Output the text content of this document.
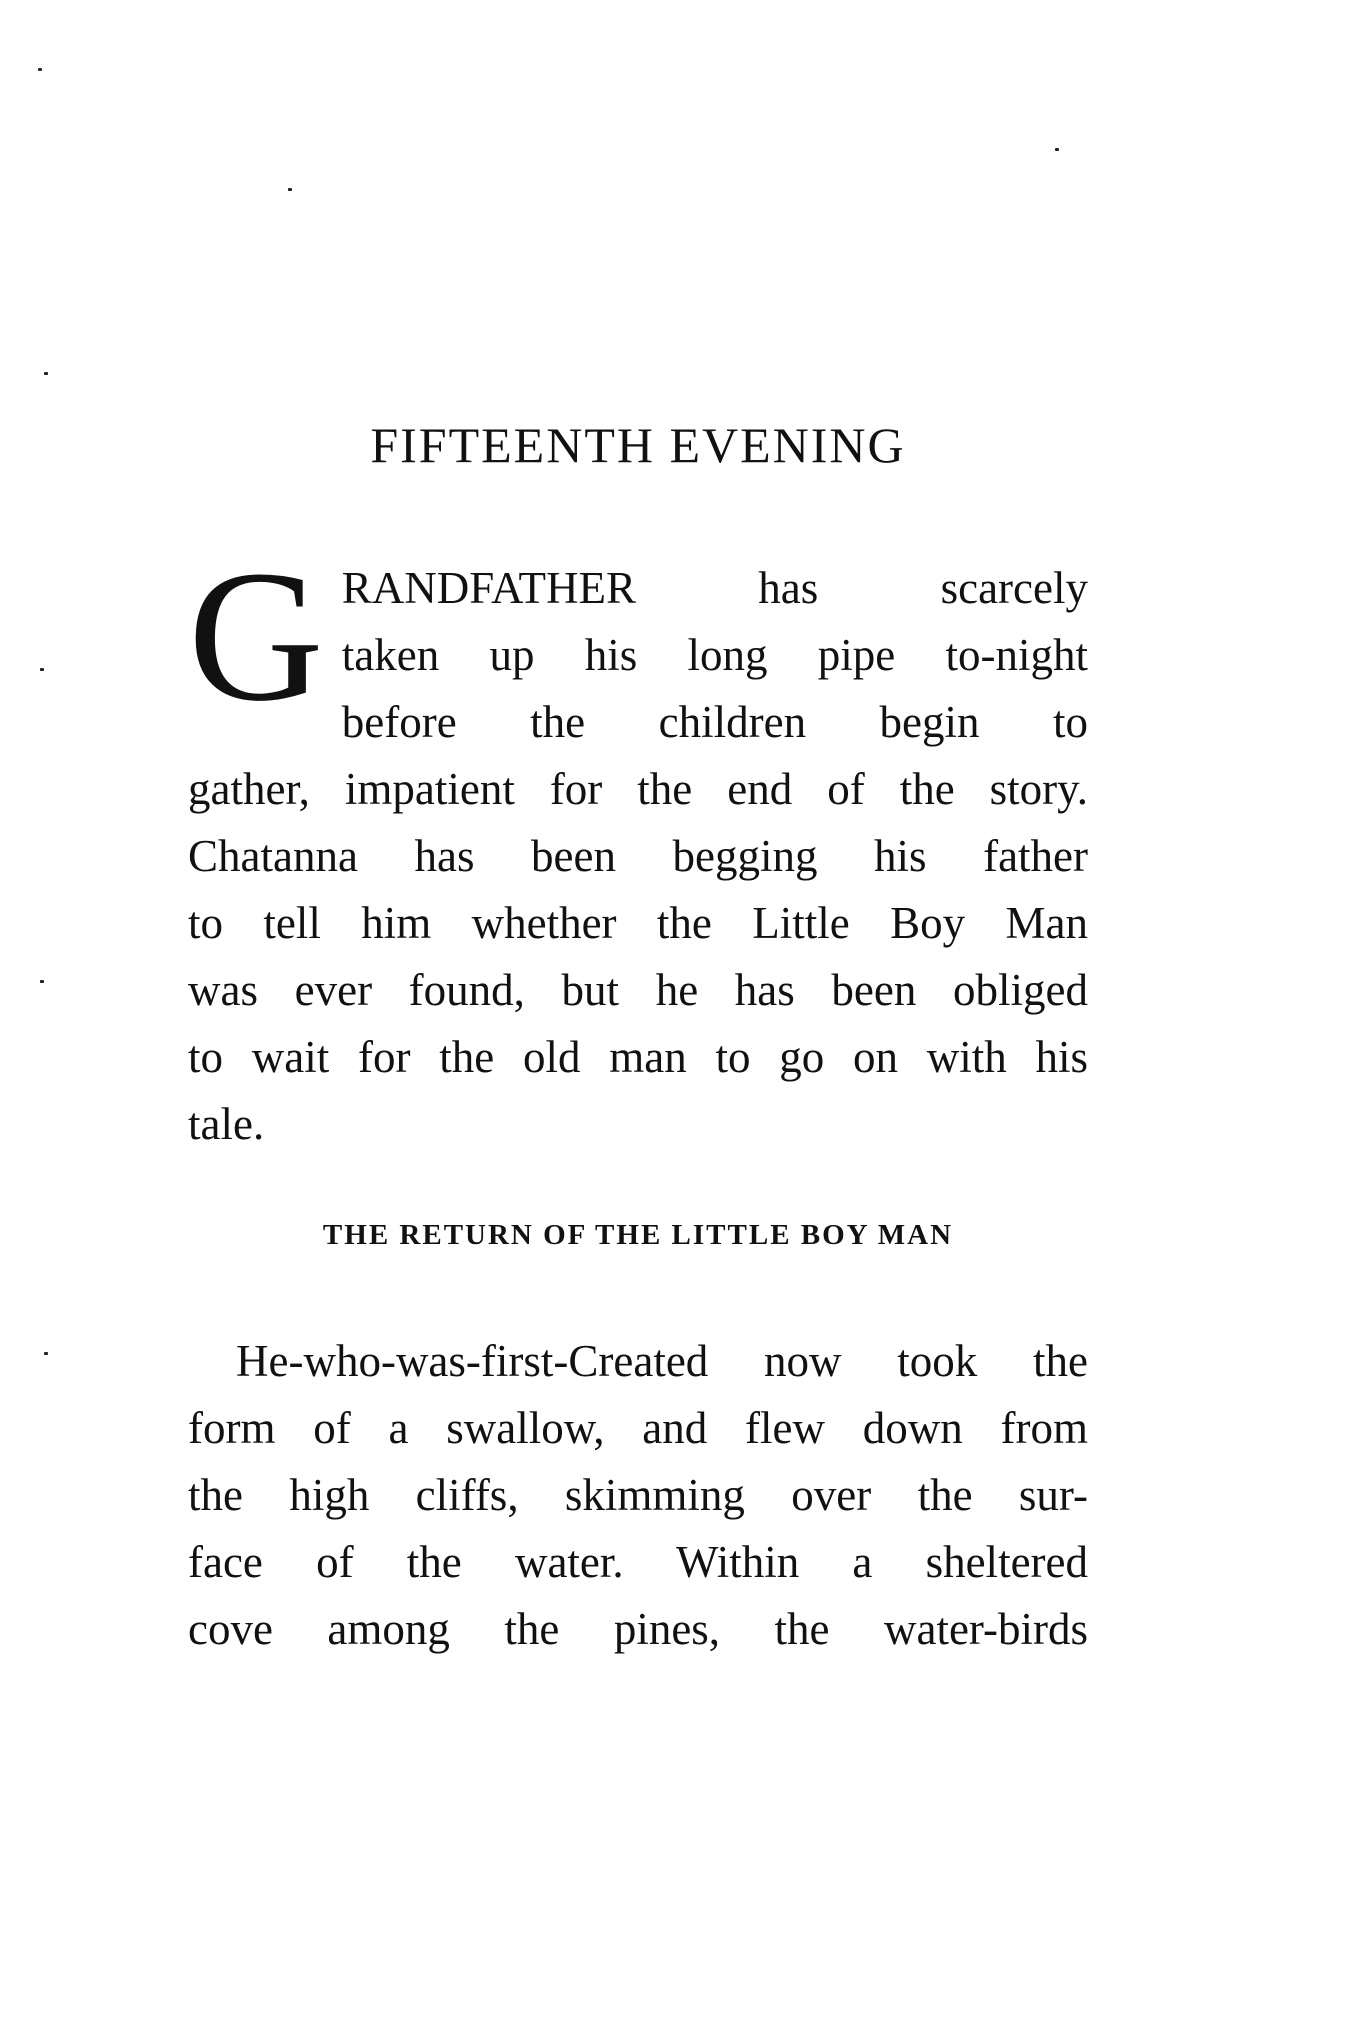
FIFTEENTH EVENING
G RANDFATHER has scarcely
taken up his long pipe to-night
before the children begin to
gather, impatient for the end of the story.
Chatanna has been begging his father
to tell him whether the Little Boy Man
was ever found, but he has been obliged
to wait for the old man to go on with his
tale.
THE RETURN OF THE LITTLE BOY MAN
He-who-was-first-Created now took the
form of a swallow, and flew down from
the high cliffs, skimming over the sur-
face of the water. Within a sheltered
cove among the pines, the water-birds
